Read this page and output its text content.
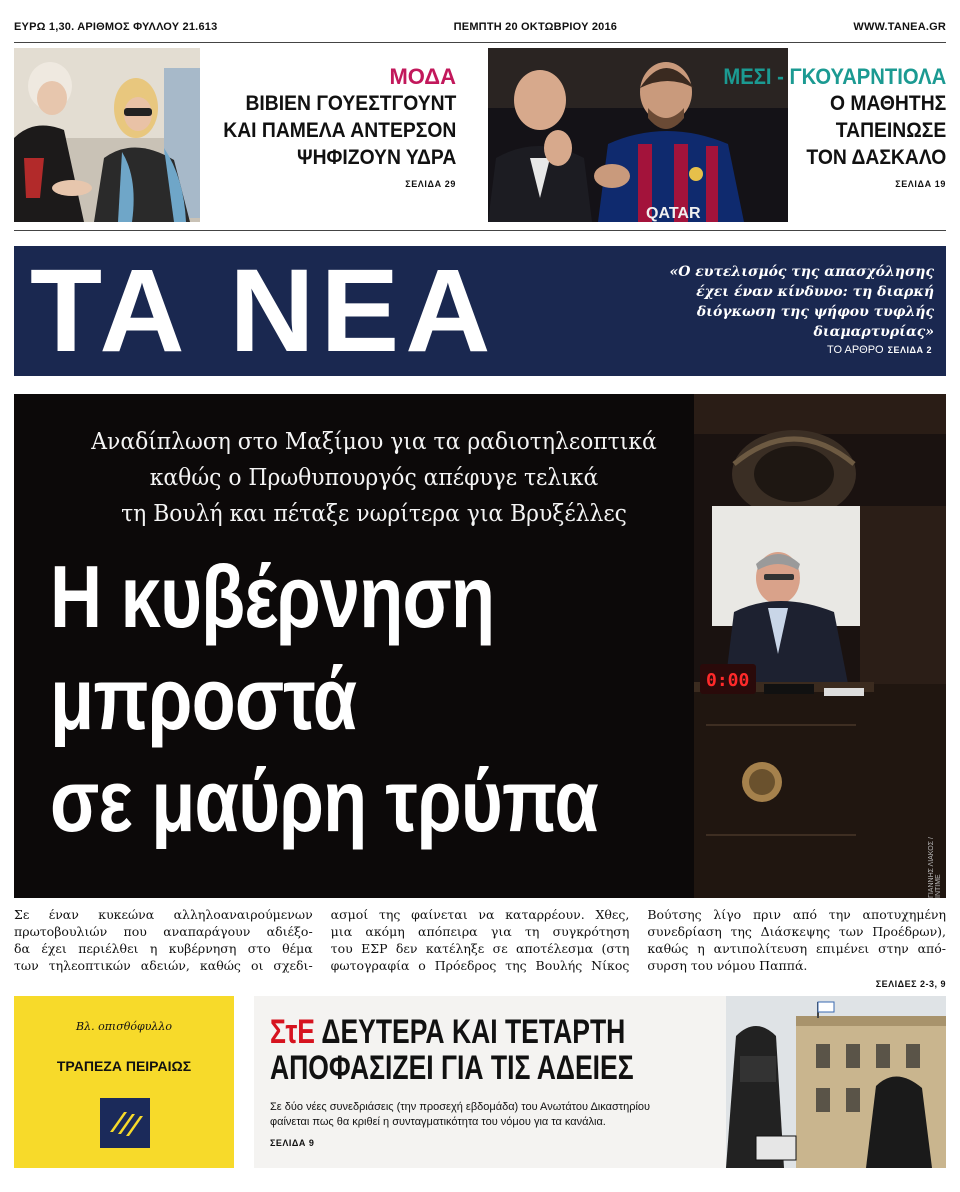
ΕΥΡΩ 1,30. ΑΡΙΘΜΟΣ ΦΥΛΛΟΥ 21.613	ΠΕΜΠΤΗ 20 ΟΚΤΩΒΡΙΟΥ 2016	WWW.TANEA.GR
ΜΟΔΑ
ΒΙΒΙΕΝ ΓΟΥΕΣΤΓΟΥΝΤ
ΚΑΙ ΠΑΜΕΛΑ ΑΝΤΕΡΣΟΝ
ΨΗΦΙΖΟΥΝ ΥΔΡΑ
ΣΕΛΙΔΑ 29
QATAR
ΜΕΣΙ - ΓΚΟΥΑΡΝΤΙΟΛΑ
Ο ΜΑΘΗΤΗΣ
ΤΑΠΕΙΝΩΣΕ
ΤΟΝ ΔΑΣΚΑΛΟ
ΣΕΛΙΔΑ 19
ΤΑ ΝΕΑ	«Ο ευτελισμός της απασχόλησης
έχει έναν κίνδυνο: τη διαρκή
διόγκωση της ψήφου τυφλής
διαμαρτυρίας»
ΤΟ ΑΡΘΡΟ ΣΕΛΙΔΑ 2
0:00
Αναδίπλωση στο Μαξίμου για τα ραδιοτηλεοπτικά
καθώς ο Πρωθυπουργός απέφυγε τελικά
τη Βουλή και πέταξε νωρίτερα για Βρυξέλλες
Η κυβέρνηση
μπροστά
σε μαύρη τρύπα
ΓΙΑΝΝΗΣ ΛΙΑΚΟΣ / ΙΝΤΙΜΕ
Σε έναν κυκεώνα αλληλοαναιρούμενων
πρωτοβουλιών που αναπαράγουν αδιέξο-
δα έχει περιέλθει η κυβέρνηση στο θέμα
των τηλεοπτικών αδειών, καθώς οι σχεδι-
ασμοί της φαίνεται να καταρρέουν. Χθες,
μια ακόμη απόπειρα για τη συγκρότηση
του ΕΣΡ δεν κατέληξε σε αποτέλεσμα (στη
φωτογραφία ο Πρόεδρος της Βουλής Νίκος
Βούτσης λίγο πριν από την αποτυχημένη
συνεδρίαση της Διάσκεψης των Προέδρων),
καθώς η αντιπολίτευση επιμένει στην από-
συρση του νόμου Παππά.
ΣΕΛΙΔΕΣ 2-3, 9
Βλ. οπισθόφυλλο
ΤΡΑΠΕΖΑ ΠΕΙΡΑΙΩΣ
ΣτΕ ΔΕΥΤΕΡΑ ΚΑΙ ΤΕΤΑΡΤΗ
ΑΠΟΦΑΣΙΖΕΙ ΓΙΑ ΤΙΣ ΑΔΕΙΕΣ
Σε δύο νέες συνεδριάσεις (την προσεχή εβδομάδα) του Ανωτάτου Δικαστηρίου
φαίνεται πως θα κριθεί η συνταγματικότητα του νόμου για τα κανάλια.
ΣΕΛΙΔΑ 9
